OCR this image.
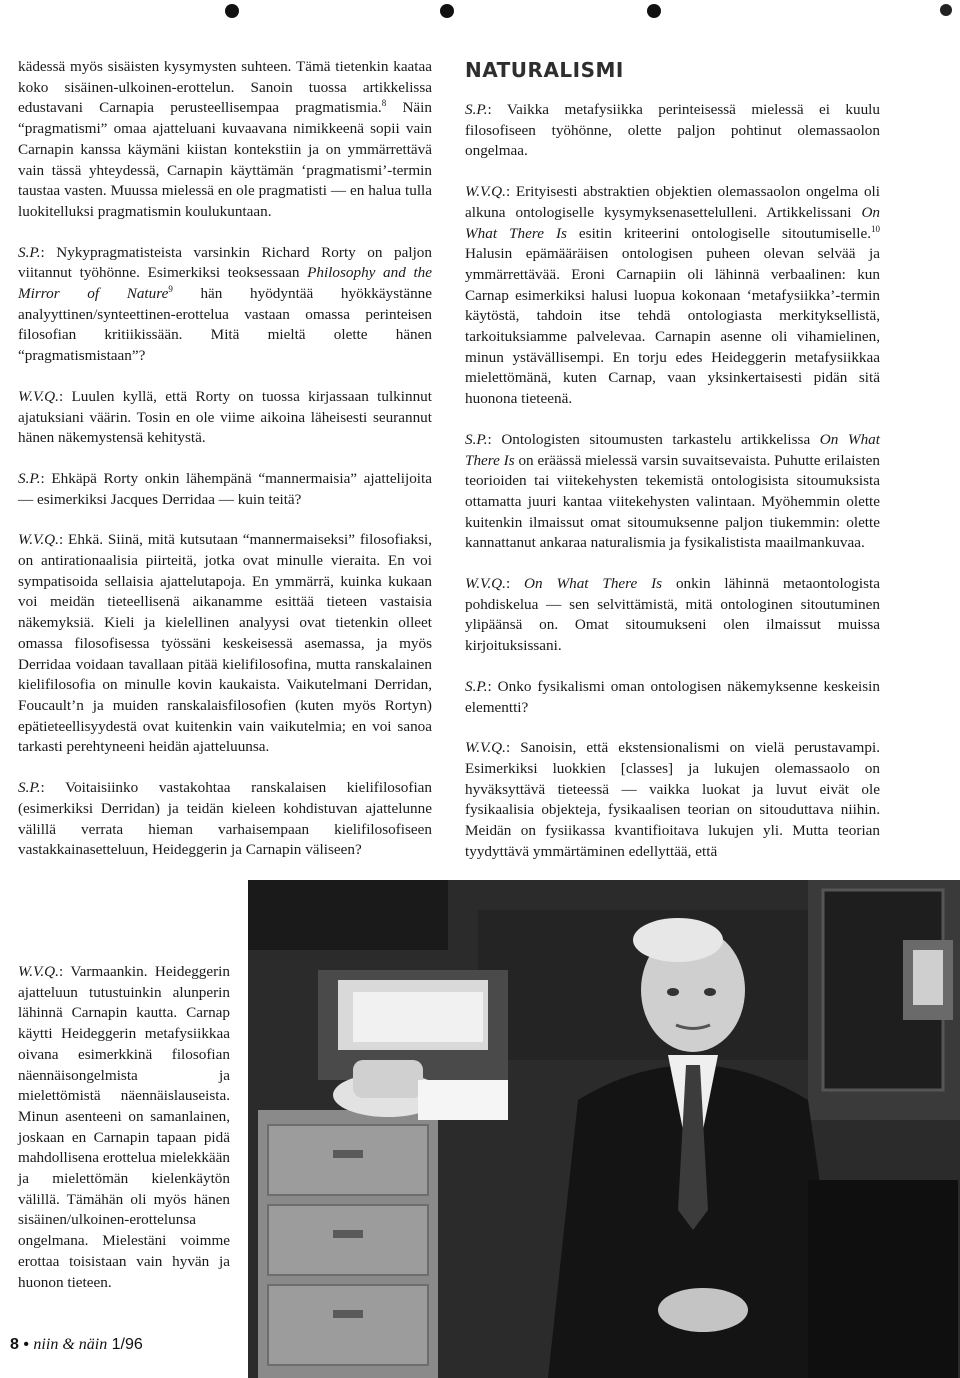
kädessä myös sisäisten kysymysten suhteen. Tämä tietenkin kaataa koko sisäinen-ulkoinen-erottelun. Sanoin tuossa artikkelissa edustavani Carnapia perusteellisempaa pragmatismia.$^8$ Näin “pragmatismi” omaa ajatteluani kuvaavana nimikkeenä sopii vain Carnapin kanssa käymäni kiistan kontekstiin ja on ymmärrettävä vain tässä yhteydessä, Carnapin käyttämän ‘pragmatismi’-termin taustaa vasten. Muussa mielessä en ole pragmatisti — en halua tulla luokitelluksi pragmatismin koulukuntaan.

S.P.: Nykypragmatisteista varsinkin Richard Rorty on paljon viitannut työhönne. Esimerkiksi teoksessaan Philosophy and the Mirror of Nature$^9$ hän hyödyntää hyökkäystänne analyyttinen/synteettinen-erottelua vastaan omassa perinteisen filosofian kritiikissään. Mitä mieltä olette hänen “pragmatismistaan”?

W.V.Q.: Luulen kyllä, että Rorty on tuossa kirjassaan tulkinnut ajatuksiani väärin. Tosin en ole viime aikoina läheisesti seurannut hänen näkemystensä kehitystä.

S.P.: Ehkäpä Rorty onkin lähempänä “mannermaisia” ajattelijoita — esimerkiksi Jacques Derridaa — kuin teitä?

W.V.Q.: Ehkä. Siinä, mitä kutsutaan “mannermaiseksi” filosofiaksi, on antirationaalisia piirteitä, jotka ovat minulle vieraita. En voi sympatisoida sellaisia ajattelutapoja. En ymmärrä, kuinka kukaan voi meidän tieteellisenä aikanamme esittää tieteen vastaisia näkemyksiä. Kieli ja kielellinen analyysi ovat tietenkin olleet omassa filosofisessa työssäni keskeisessä asemassa, ja myös Derridaa voidaan tavallaan pitää kielifilosofina, mutta ranskalainen kielifilosofia on minulle kovin kaukaista. Vaikutelmani Derridan, Foucault’n ja muiden ranskalaisfilosofien (kuten myös Rortyn) epätieteellisyydestä ovat kuitenkin vain vaikutelmia; en voi sanoa tarkasti perehtyneeni heidän ajatteluunsa.

S.P.: Voitaisiinko vastakohtaa ranskalaisen kielifilosofian (esimerkiksi Derridan) ja teidän kieleen kohdistuvan ajattelunne välillä verrata hieman varhaisempaan kielifilosofiseen vastakkainasetteluun, Heideggerin ja Carnapin väliseen?

W.V.Q.: Varmaankin. Heideggerin ajatteluun tutustuinkin alunperin lähinnä Carnapin kautta. Carnap käytti Heideggerin metafysiikkaa oivana esimerkkinä filosofian näennäisongelmista ja mielettömistä näennäislauseista. Minun asenteeni on samanlainen, joskaan en Carnapin tapaan pidä mahdollisena erottelua mielekkään ja mielettömän kielenkäytön välillä. Tämähän oli myös hänen sisäinen/ulkoinen-erottelunsa ongelmana. Mielestäni voimme erottaa toisistaan vain hyvän ja huonon tieteen.

NATURALISMI

S.P.: Vaikka metafysiikka perinteisessä mielessä ei kuulu filosofiseen työhönne, olette paljon pohtinut olemassaolon ongelmaa.

W.V.Q.: Erityisesti abstraktien objektien olemassaolon ongelma oli alkuna ontologiselle kysymyksenasettelulleni. Artikkelissani On What There Is esitin kriteerini ontologiselle sitoutumiselle.$^{10}$ Halusin epämääräisen ontologisen puheen olevan selvää ja ymmärrettävää. Eroni Carnapiin oli lähinnä verbaalinen: kun Carnap esimerkiksi halusi luopua kokonaan ‘metafysiikka’-termin käytöstä, tahdoin itse tehdä ontologiasta merkityksellistä, tarkoituksiamme palvelevaa. Carnapin asenne oli vihamielinen, minun ystävällisempi. En torju edes Heideggerin metafysiikkaa mielettömänä, kuten Carnap, vaan yksinkertaisesti pidän sitä huonona tieteenä.

S.P.: Ontologisten sitoumusten tarkastelu artikkelissa On What There Is on eräässä mielessä varsin suvaitsevaista. Puhutte erilaisten teorioiden tai viitekehysten tekemistä ontologisista sitoumuksista ottamatta juuri kantaa viitekehysten valintaan. Myöhemmin olette kuitenkin ilmaissut omat sitoumuksenne paljon tiukemmin: olette kannattanut ankaraa naturalismia ja fysikalistista maailmankuvaa.

W.V.Q.: On What There Is onkin lähinnä metaontologista pohdiskelua — sen selvittämistä, mitä ontologinen sitoutuminen ylipäänsä on. Omat sitoumukseni olen ilmaissut muissa kirjoituksissani.

S.P.: Onko fysikalismi oman ontologisen näkemyksenne keskeisin elementti?

W.V.Q.: Sanoisin, että ekstensionalismi on vielä perustavampi. Esimerkiksi luokkien [classes] ja lukujen olemassaolo on hyväksyttävä tieteessä — vaikka luokat ja luvut eivät ole fysikaalisia objekteja, fysikaalisen teorian on sitouduttava niihin. Meidän on fysiikassa kvantifioitava lukujen yli. Mutta teorian tyydyttävä ymmärtäminen edellyttää, että

8 • niin & näin 1/96
